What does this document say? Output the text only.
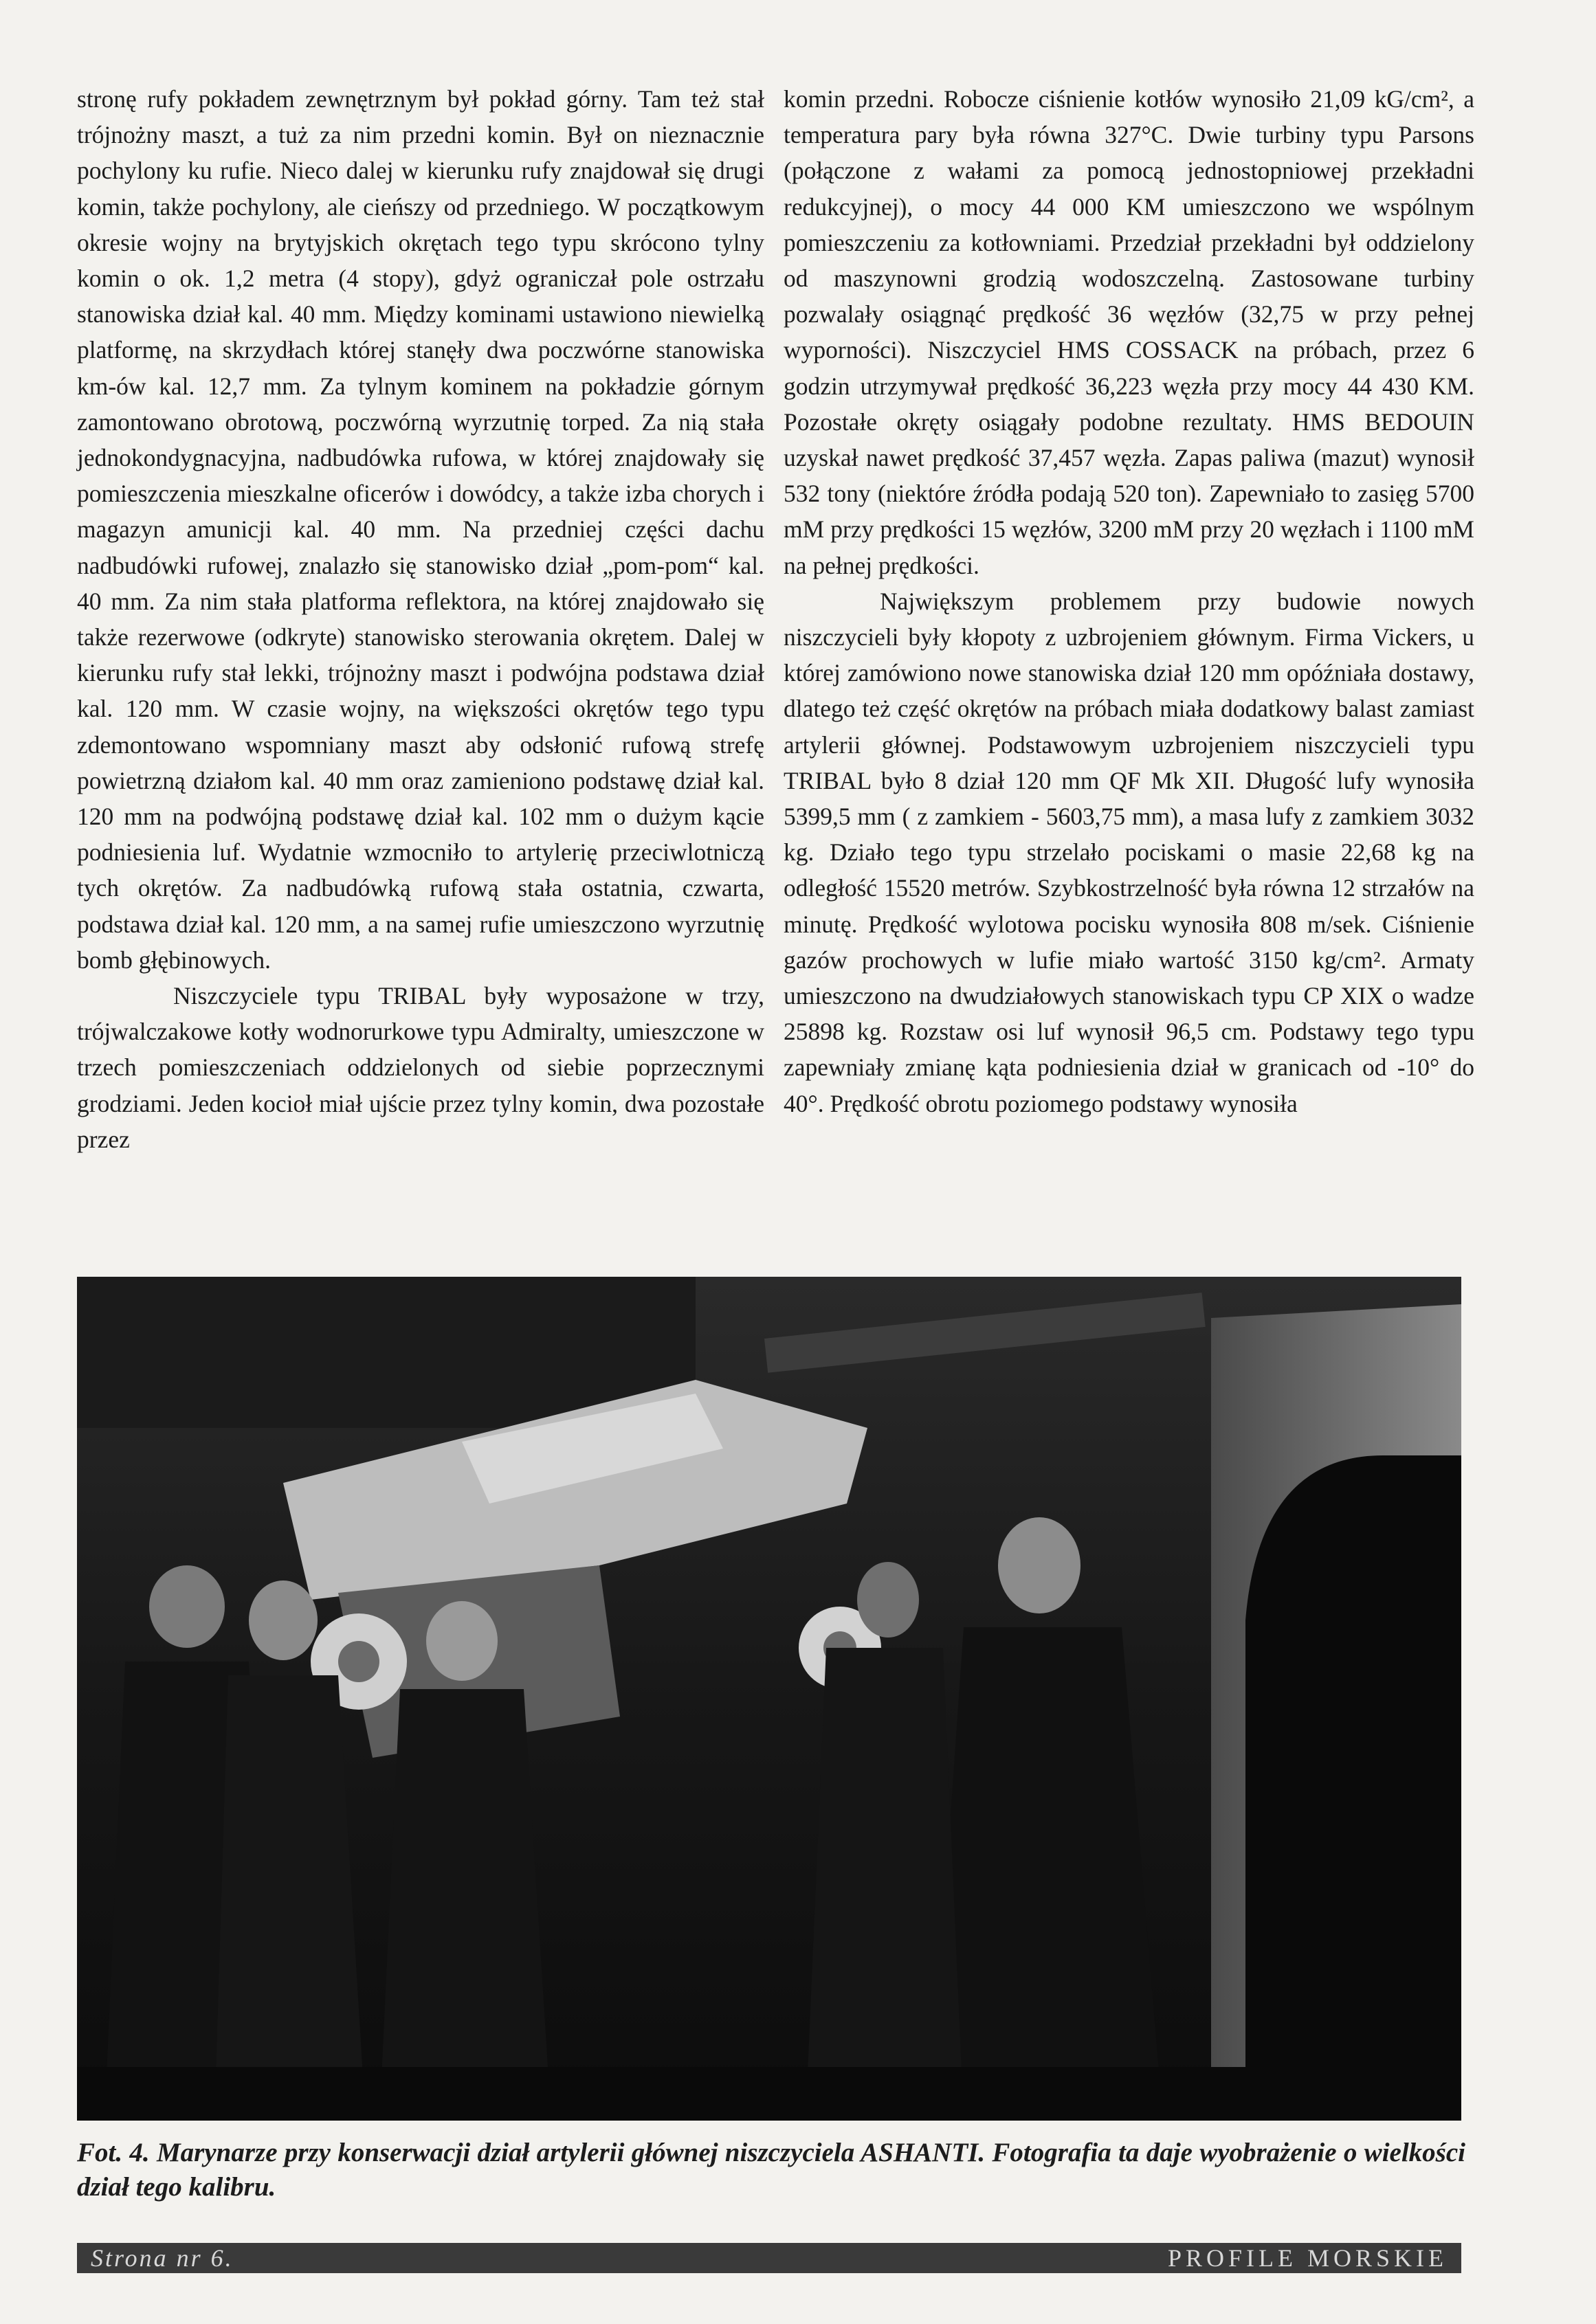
stronę rufy pokładem zewnętrznym był pokład górny. Tam też stał trójnożny maszt, a tuż za nim przedni komin. Był on nieznacznie pochylony ku rufie. Nieco dalej w kierunku rufy znajdował się drugi komin, także pochylony, ale cieńszy od przedniego. W początkowym okresie wojny na brytyjskich okrętach tego typu skrócono tylny komin o ok. 1,2 metra (4 stopy), gdyż ograniczał pole ostrzału stanowiska dział kal. 40 mm. Między kominami ustawiono niewielką platformę, na skrzydłach której stanęły dwa poczwórne stanowiska km-ów kal. 12,7 mm. Za tylnym kominem na pokładzie górnym zamontowano obrotową, poczwórną wyrzutnię torped. Za nią stała jednokondygnacyjna, nadbudówka rufowa, w której znajdowały się pomieszczenia mieszkalne oficerów i dowódcy, a także izba chorych i magazyn amunicji kal. 40 mm. Na przedniej części dachu nadbudówki rufowej, znalazło się stanowisko dział „pom-pom“ kal. 40 mm. Za nim stała platforma reflektora, na której znajdowało się także rezerwowe (odkryte) stanowisko sterowania okrętem. Dalej w kierunku rufy stał lekki, trójnożny maszt i podwójna podstawa dział kal. 120 mm. W czasie wojny, na większości okrętów tego typu zdemontowano wspomniany maszt aby odsłonić rufową strefę powietrzną działom kal. 40 mm oraz zamieniono podstawę dział kal. 120 mm na podwójną podstawę dział kal. 102 mm o dużym kącie podniesienia luf. Wydatnie wzmocniło to artylerię przeciwlotniczą tych okrętów. Za nadbudówką rufową stała ostatnia, czwarta, podstawa dział kal. 120 mm, a na samej rufie umieszczono wyrzutnię bomb głębinowych.

Niszczyciele typu TRIBAL były wyposażone w trzy, trójwalczakowe kotły wodnorurkowe typu Admiralty, umieszczone w trzech pomieszczeniach oddzielonych od siebie poprzecznymi grodziami. Jeden kocioł miał ujście przez tylny komin, dwa pozostałe przez

komin przedni. Robocze ciśnienie kotłów wynosiło 21,09 kG/cm², a temperatura pary była równa 327°C. Dwie turbiny typu Parsons (połączone z wałami za pomocą jednostopniowej przekładni redukcyjnej), o mocy 44 000 KM umieszczono we wspólnym pomieszczeniu za kotłowniami. Przedział przekładni był oddzielony od maszynowni grodzią wodoszczelną. Zastosowane turbiny pozwalały osiągnąć prędkość 36 węzłów (32,75 w przy pełnej wyporności). Niszczyciel HMS COSSACK na próbach, przez 6 godzin utrzymywał prędkość 36,223 węzła przy mocy 44 430 KM. Pozostałe okręty osiągały podobne rezultaty. HMS BEDOUIN uzyskał nawet prędkość 37,457 węzła. Zapas paliwa (mazut) wynosił 532 tony (niektóre źródła podają 520 ton). Zapewniało to zasięg 5700 mM przy prędkości 15 węzłów, 3200 mM przy 20 węzłach i 1100 mM na pełnej prędkości.

Największym problemem przy budowie nowych niszczycieli były kłopoty z uzbrojeniem głównym. Firma Vickers, u której zamówiono nowe stanowiska dział 120 mm opóźniała dostawy, dlatego też część okrętów na próbach miała dodatkowy balast zamiast artylerii głównej. Podstawowym uzbrojeniem niszczycieli typu TRIBAL było 8 dział 120 mm QF Mk XII. Długość lufy wynosiła 5399,5 mm ( z zamkiem - 5603,75 mm), a masa lufy z zamkiem 3032 kg. Działo tego typu strzelało pociskami o masie 22,68 kg na odległość 15520 metrów. Szybkostrzelność była równa 12 strzałów na minutę. Prędkość wylotowa pocisku wynosiła 808 m/sek. Ciśnienie gazów prochowych w lufie miało wartość 3150 kg/cm². Armaty umieszczono na dwudziałowych stanowiskach typu CP XIX o wadze 25898 kg. Rozstaw osi luf wynosił 96,5 cm. Podstawy tego typu zapewniały zmianę kąta podniesienia dział w granicach od -10° do 40°. Prędkość obrotu poziomego podstawy wynosiła

Fot. 4. Marynarze przy konserwacji dział artylerii głównej niszczyciela ASHANTI. Fotografia ta daje wyobrażenie o wielkości dział tego kalibru.
Strona nr 6.	PROFILE MORSKIE
